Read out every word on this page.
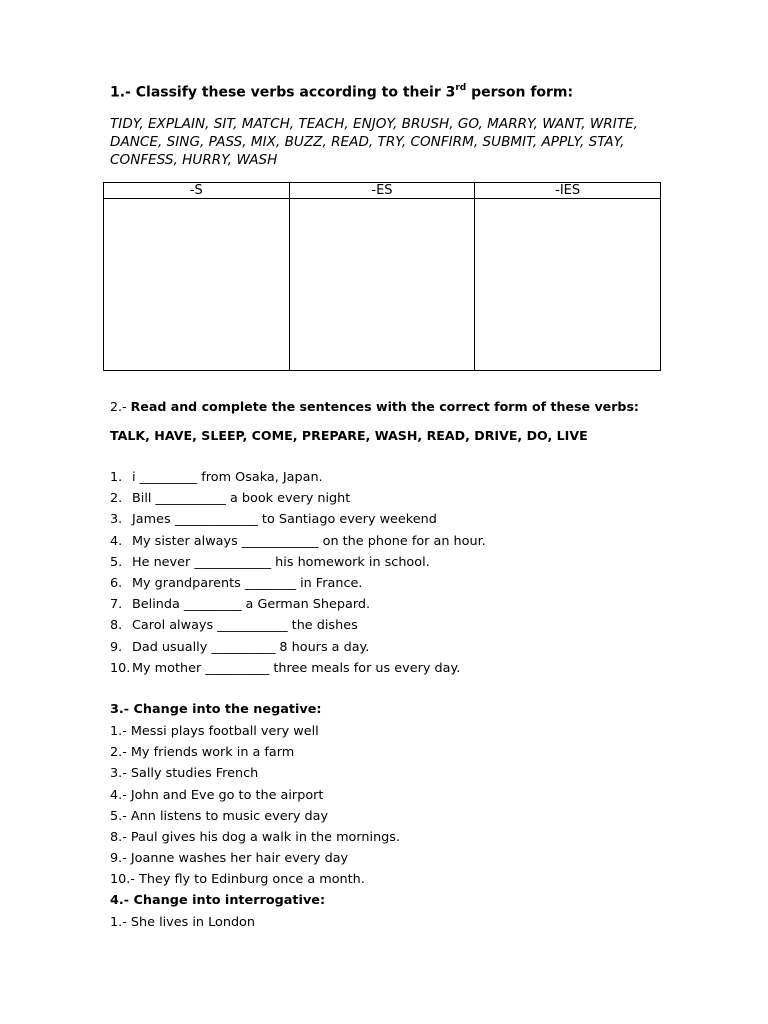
1.- Classify these verbs according to their 3rd person form:
TIDY, EXPLAIN, SIT, MATCH, TEACH, ENJOY, BRUSH, GO, MARRY, WANT, WRITE, DANCE, SING, PASS, MIX, BUZZ, READ, TRY, CONFIRM, SUBMIT, APPLY, STAY, CONFESS, HURRY, WASH
-S	-ES	-IES

2.- Read and complete the sentences with the correct form of these verbs:
TALK, HAVE, SLEEP, COME, PREPARE, WASH, READ, DRIVE, DO, LIVE
1. i _________ from Osaka, Japan.
2. Bill ___________ a book every night
3. James _____________ to Santiago every weekend
4. My sister always ____________ on the phone for an hour.
5. He never ____________ his homework in school.
6. My grandparents ________ in France.
7. Belinda _________ a German Shepard.
8. Carol always ___________ the dishes
9. Dad usually __________ 8 hours a day.
10. My mother __________ three meals for us every day.
3.- Change into the negative:
1.- Messi plays football very well
2.- My friends work in a farm
3.- Sally studies French
4.- John and Eve go to the airport
5.- Ann listens to music every day
8.- Paul gives his dog a walk in the mornings.
9.- Joanne washes her hair every day
10.- They fly to Edinburg once a month.
4.- Change into interrogative:
1.- She lives in London
